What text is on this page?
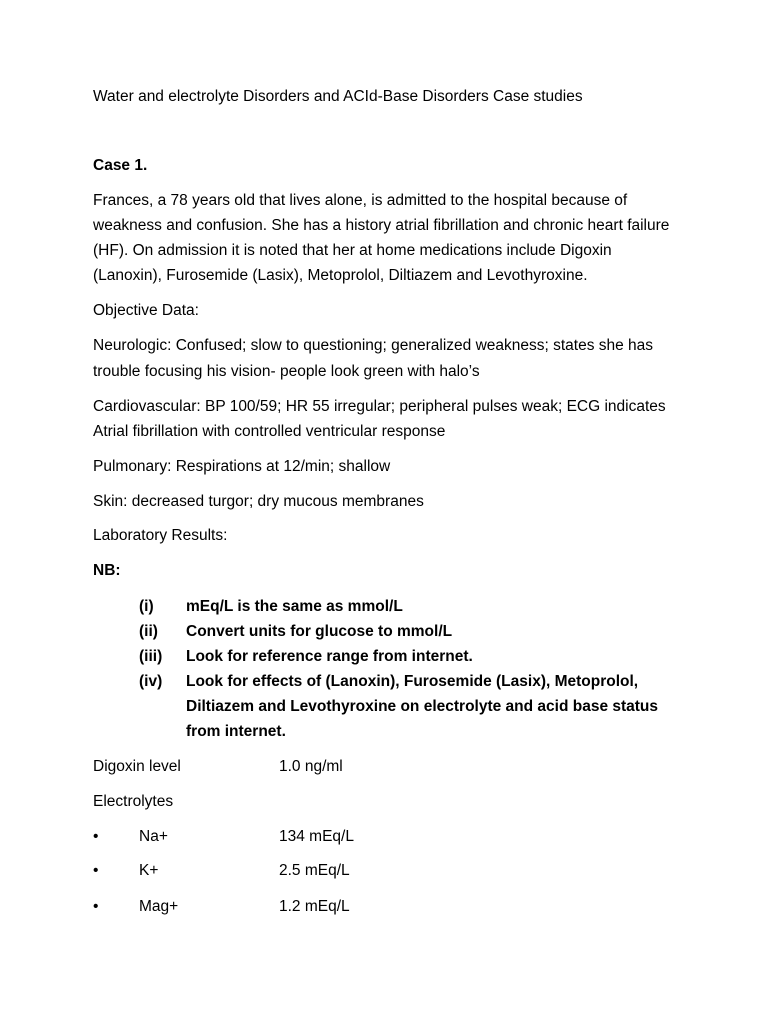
Water and electrolyte Disorders and ACId-Base Disorders Case studies
Case 1.
Frances, a 78 years old that lives alone, is admitted to the hospital because of
weakness and confusion. She has a history atrial fibrillation and chronic heart failure
(HF). On admission it is noted that her at home medications include Digoxin
(Lanoxin), Furosemide (Lasix), Metoprolol, Diltiazem and Levothyroxine.
Objective Data:
Neurologic: Confused; slow to questioning; generalized weakness; states she has
trouble focusing his vision- people look green with halo’s
Cardiovascular: BP 100/59; HR 55 irregular; peripheral pulses weak; ECG indicates
Atrial fibrillation with controlled ventricular response
Pulmonary: Respirations at 12/min; shallow
Skin: decreased turgor; dry mucous membranes
Laboratory Results:
NB:
(i) mEq/L is the same as mmol/L
(ii) Convert units for glucose to mmol/L
(iii) Look for reference range from internet.
(iv) Look for effects of (Lanoxin), Furosemide (Lasix), Metoprolol,
Diltiazem and Levothyroxine on electrolyte and acid base status
from internet.
Digoxin level	1.0 ng/ml
Electrolytes
•	Na+	134 mEq/L
•	K+	2.5 mEq/L
•	Mag+	1.2 mEq/L
